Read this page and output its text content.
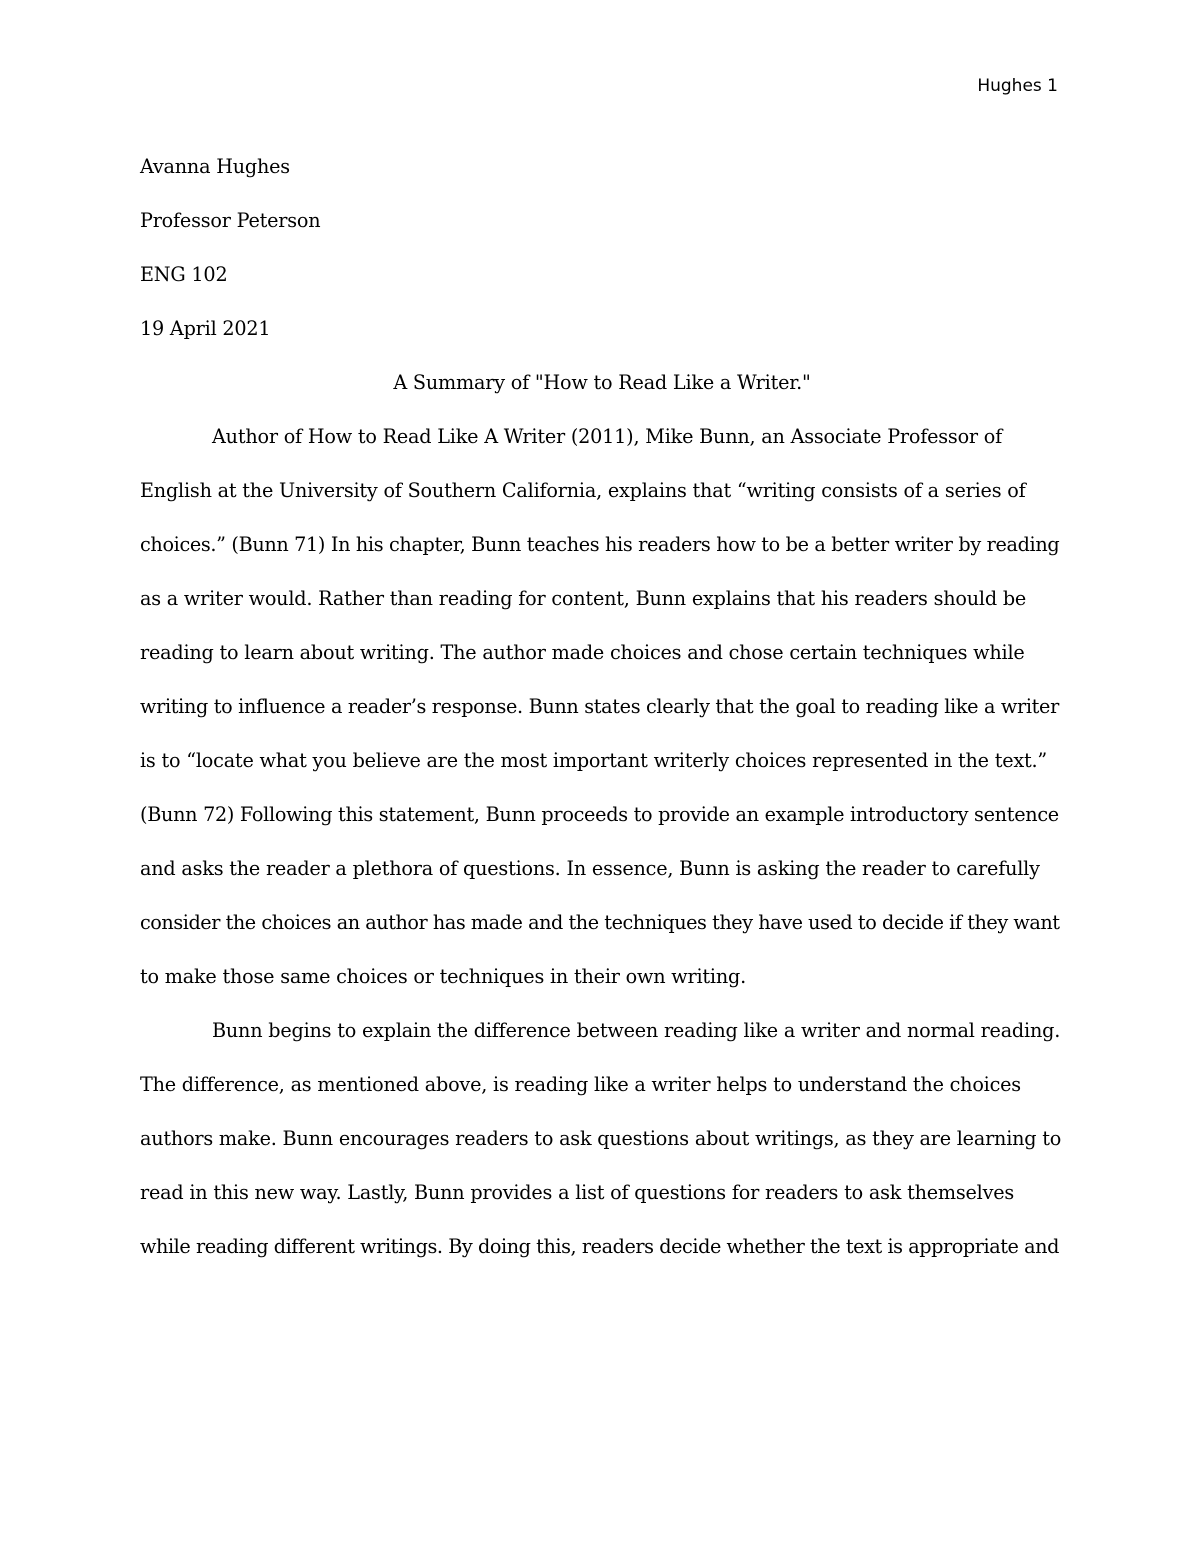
Hughes 1
Avanna Hughes
Professor Peterson
ENG 102
19 April 2021
A Summary of "How to Read Like a Writer."

Author of How to Read Like A Writer (2011), Mike Bunn, an Associate Professor of
English at the University of Southern California, explains that “writing consists of a series of
choices.” (Bunn 71) In his chapter, Bunn teaches his readers how to be a better writer by reading
as a writer would. Rather than reading for content, Bunn explains that his readers should be
reading to learn about writing. The author made choices and chose certain techniques while
writing to influence a reader’s response. Bunn states clearly that the goal to reading like a writer
is to “locate what you believe are the most important writerly choices represented in the text.”
(Bunn 72) Following this statement, Bunn proceeds to provide an example introductory sentence
and asks the reader a plethora of questions. In essence, Bunn is asking the reader to carefully
consider the choices an author has made and the techniques they have used to decide if they want
to make those same choices or techniques in their own writing.

Bunn begins to explain the difference between reading like a writer and normal reading.
The difference, as mentioned above, is reading like a writer helps to understand the choices
authors make. Bunn encourages readers to ask questions about writings, as they are learning to
read in this new way. Lastly, Bunn provides a list of questions for readers to ask themselves
while reading different writings. By doing this, readers decide whether the text is appropriate and
